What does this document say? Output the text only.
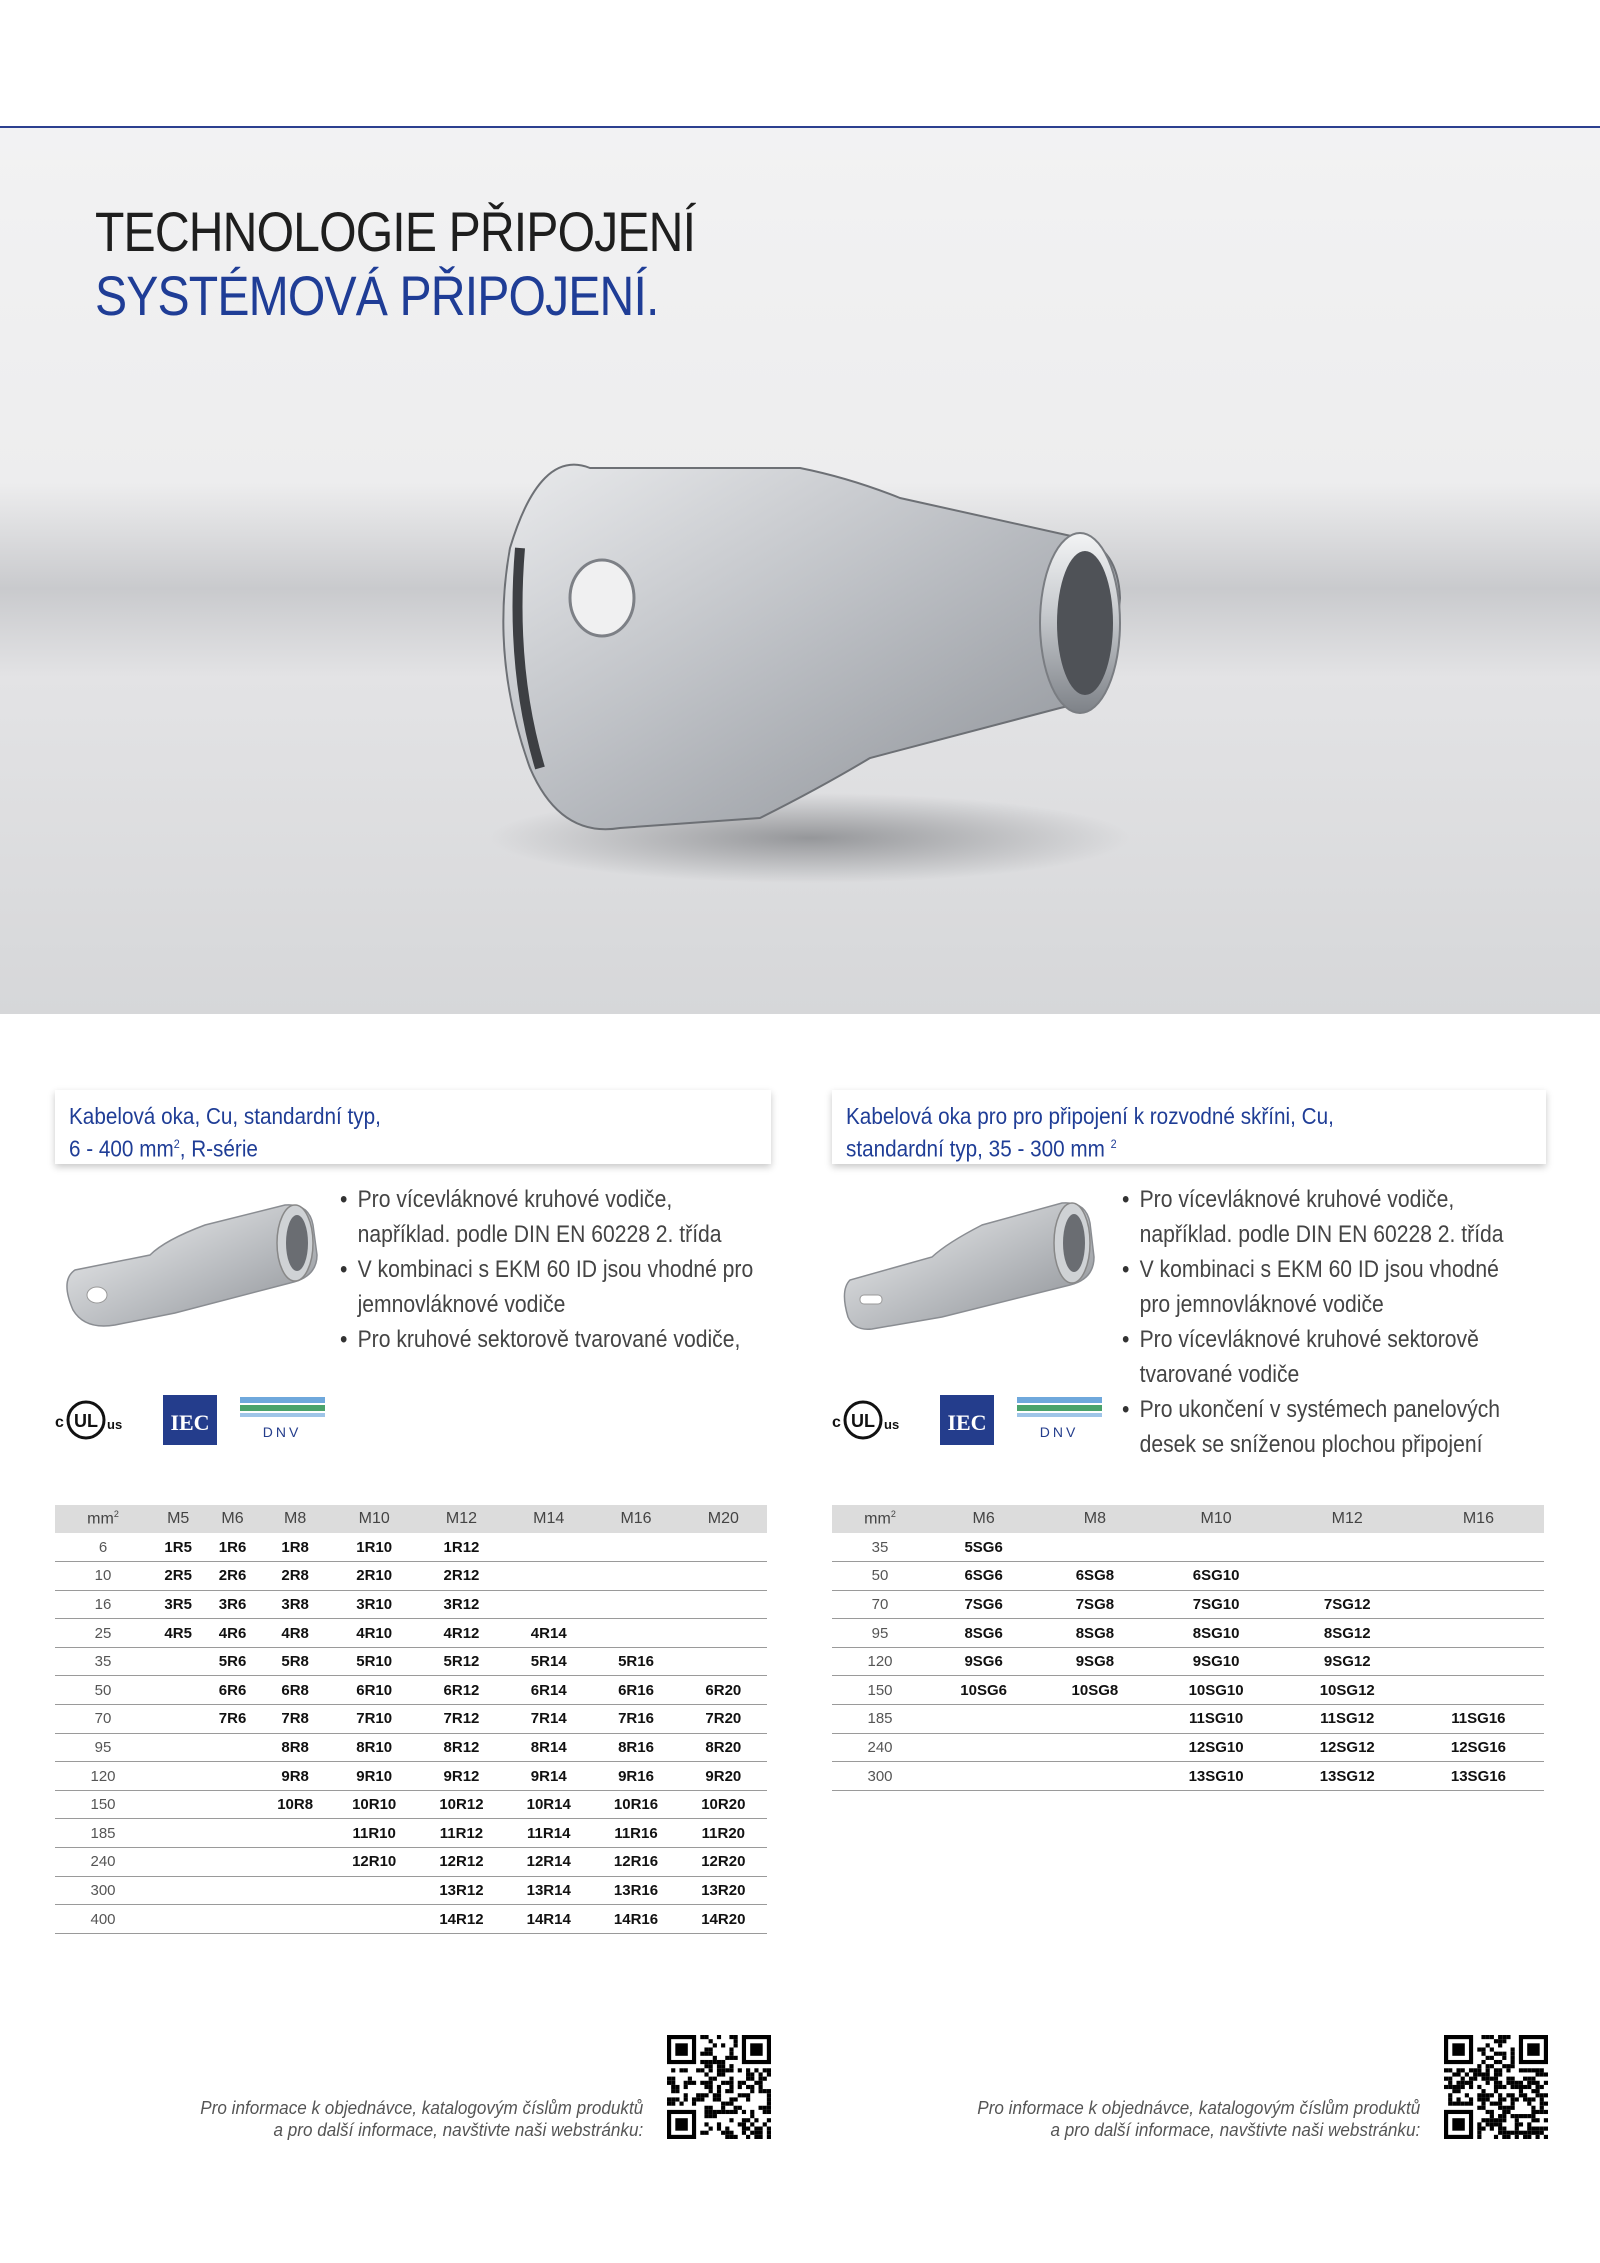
TECHNOLOGIE PŘIPOJENÍ
SYSTÉMOVÁ PŘIPOJENÍ.
Kabelová oka, Cu, standardní typ,
6 - 400 $mm^2$, R-série
• Pro vícevláknové kruhové vodiče, například. podle DIN EN 60228 2. třída
• V kombinaci s EKM 60 ID jsou vhodné pro jemnovláknové vodiče
• Pro kruhové sektorově tvarované vodiče,
c UL us IEC	DNV
$mm^2$	M5	M6	M8	M10	M12	M14	M16	M20
6	1R5	1R6	1R8	1R10	1R12			
10	2R5	2R6	2R8	2R10	2R12			
16	3R5	3R6	3R8	3R10	3R12			
25	4R5	4R6	4R8	4R10	4R12	4R14		
35		5R6	5R8	5R10	5R12	5R14	5R16	
50		6R6	6R8	6R10	6R12	6R14	6R16	6R20
70		7R6	7R8	7R10	7R12	7R14	7R16	7R20
95			8R8	8R10	8R12	8R14	8R16	8R20
120			9R8	9R10	9R12	9R14	9R16	9R20
150			10R8	10R10	10R12	10R14	10R16	10R20
185				11R10	11R12	11R14	11R16	11R20
240				12R10	12R12	12R14	12R16	12R20
300					13R12	13R14	13R16	13R20
400					14R12	14R14	14R16	14R20
Kabelová oka pro pro připojení k rozvodné skříni, Cu,
standardní typ, 35 - 300 mm $^2$
• Pro vícevláknové kruhové vodiče, například. podle DIN EN 60228 2. třída
• V kombinaci s EKM 60 ID jsou vhodné pro jemnovláknové vodiče
• Pro vícevláknové kruhové sektorově tvarované vodiče
• Pro ukončení v systémech panelových desek se sníženou plochou připojení
c UL us IEC	DNV
$mm^2$	M6	M8	M10	M12	M16
35	5SG6				
50	6SG6	6SG8	6SG10		
70	7SG6	7SG8	7SG10	7SG12	
95	8SG6	8SG8	8SG10	8SG12	
120	9SG6	9SG8	9SG10	9SG12	
150	10SG6	10SG8	10SG10	10SG12	
185			11SG10	11SG12	11SG16
240			12SG10	12SG12	12SG16
300			13SG10	13SG12	13SG16
Pro informace k objednávce, katalogovým číslům produktů
a pro další informace, navštivte naši webstránku:
Pro informace k objednávce, katalogovým číslům produktů
a pro další informace, navštivte naši webstránku:
